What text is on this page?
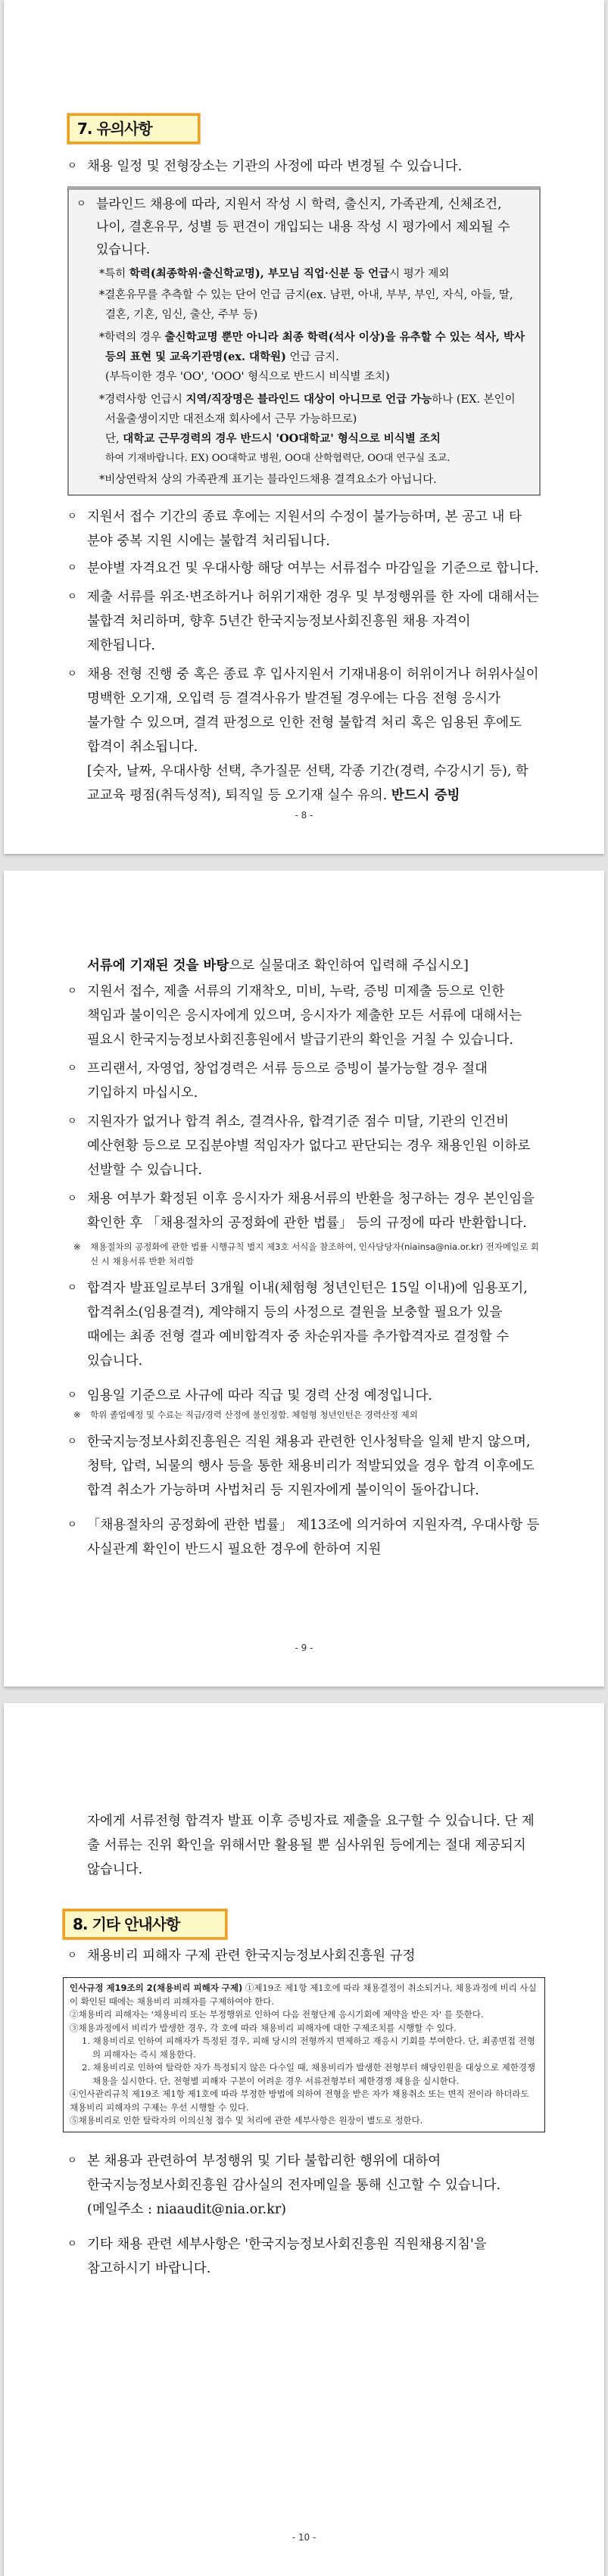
7. 유의사항
ㅇ 채용 일정 및 전형장소는 기관의 사정에 따라 변경될 수 있습니다.
ㅇ 블라인드 채용에 따라, 지원서 작성 시 학력, 출신지, 가족관계, 신체조건, 나이, 결혼유무, 성별 등 편견이 개입되는 내용 작성 시 평가에서 제외될 수 있습니다.
*특히 학력(최종학위·출신학교명), 부모님 직업·신분 등 언급시 평가 제외
*결혼유무를 추측할 수 있는 단어 언급 금지(ex. 남편, 아내, 부부, 부인, 자식, 아들, 딸, 결혼, 기혼, 임신, 출산, 주부 등)
*학력의 경우 출신학교명 뿐만 아니라 최종 학력(석사 이상)을 유추할 수 있는 석사, 박사 등의 표현 및 교육기관명(ex. 대학원) 언급 금지.
(부득이한 경우 'OO', 'OOO' 형식으로 반드시 비식별 조치)
*경력사항 언급시 지역/직장명은 블라인드 대상이 아니므로 언급 가능하나 (EX. 본인이 서울출생이지만 대전소재 회사에서 근무 가능하므로)
단, 대학교 근무경력의 경우 반드시 'OO대학교' 형식으로 비식별 조치
하여 기재바랍니다. EX) OO대학교 병원, OO대 산학협력단, OO대 연구실 조교.
*비상연락처 상의 가족관계 표기는 블라인드채용 결격요소가 아닙니다.
ㅇ 지원서 접수 기간의 종료 후에는 지원서의 수정이 불가능하며, 본 공고 내 타 분야 중복 지원 시에는 불합격 처리됩니다.
ㅇ 분야별 자격요건 및 우대사항 해당 여부는 서류접수 마감일을 기준으로 합니다.
ㅇ 제출 서류를 위조·변조하거나 허위기재한 경우 및 부정행위를 한 자에 대해서는 불합격 처리하며, 향후 5년간 한국지능정보사회진흥원 채용 자격이 제한됩니다.
ㅇ 채용 전형 진행 중 혹은 종료 후 입사지원서 기재내용이 허위이거나 허위사실이 명백한 오기재, 오입력 등 결격사유가 발견될 경우에는 다음 전형 응시가 불가할 수 있으며, 결격 판정으로 인한 전형 불합격 처리 혹은 임용된 후에도 합격이 취소됩니다.
[숫자, 날짜, 우대사항 선택, 추가질문 선택, 각종 기간(경력, 수강시기 등), 학교교육 평점(취득성적), 퇴직일 등 오기재 실수 유의. 반드시 증빙
- 8 -
서류에 기재된 것을 바탕으로 실물대조 확인하여 입력해 주십시오]
ㅇ 지원서 접수, 제출 서류의 기재착오, 미비, 누락, 증빙 미제출 등으로 인한 책임과 불이익은 응시자에게 있으며, 응시자가 제출한 모든 서류에 대해서는 필요시 한국지능정보사회진흥원에서 발급기관의 확인을 거칠 수 있습니다.
ㅇ 프리랜서, 자영업, 창업경력은 서류 등으로 증빙이 불가능할 경우 절대 기입하지 마십시오.
ㅇ 지원자가 없거나 합격 취소, 결격사유, 합격기준 점수 미달, 기관의 인건비 예산현황 등으로 모집분야별 적임자가 없다고 판단되는 경우 채용인원 이하로 선발할 수 있습니다.
ㅇ 채용 여부가 확정된 이후 응시자가 채용서류의 반환을 청구하는 경우 본인임을 확인한 후 「채용절차의 공정화에 관한 법률」 등의 규정에 따라 반환합니다.
※ 채용절차의 공정화에 관한 법률 시행규칙 별지 제3호 서식을 참조하여, 인사담당자(niainsa@nia.or.kr) 전자메일로 회신 시 채용서류 반환 처리함
ㅇ 합격자 발표일로부터 3개월 이내(체험형 청년인턴은 15일 이내)에 임용포기, 합격취소(임용결격), 계약해지 등의 사정으로 결원을 보충할 필요가 있을 때에는 최종 전형 결과 예비합격자 중 차순위자를 추가합격자로 결정할 수 있습니다.
ㅇ 임용일 기준으로 사규에 따라 직급 및 경력 산정 예정입니다.
※ 학위 졸업예정 및 수료는 직급/경력 산정에 불인정함. 체험형 청년인턴은 경력산정 제외
ㅇ 한국지능정보사회진흥원은 직원 채용과 관련한 인사청탁을 일체 받지 않으며, 청탁, 압력, 뇌물의 행사 등을 통한 채용비리가 적발되었을 경우 합격 이후에도 합격 취소가 가능하며 사법처리 등 지원자에게 불이익이 돌아갑니다.
ㅇ 「채용절차의 공정화에 관한 법률」 제13조에 의거하여 지원자격, 우대사항 등 사실관계 확인이 반드시 필요한 경우에 한하여 지원
- 9 -
자에게 서류전형 합격자 발표 이후 증빙자료 제출을 요구할 수 있습니다. 단 제출 서류는 진위 확인을 위해서만 활용될 뿐 심사위원 등에게는 절대 제공되지 않습니다.
8. 기타 안내사항
ㅇ 채용비리 피해자 구제 관련 한국지능정보사회진흥원 규정
인사규정 제19조의 2(채용비리 피해자 구제) ①제19조 제1항 제1호에 따라 채용결정이 취소되거나, 채용과정에 비리 사실이 확인된 때에는 채용비리 피해자를 구제하여야 한다.
②채용비리 피해자는 '채용비리 또는 부정행위로 인하여 다음 전형단계 응시기회에 제약을 받은 자' 를 뜻한다.
③채용과정에서 비리가 발생한 경우, 각 호에 따라 채용비리 피해자에 대한 구제조치를 시행할 수 있다.
1. 채용비리로 인하여 피해자가 특정된 경우, 피해 당시의 전형까지 면제하고 재응시 기회를 부여한다. 단, 최종면접 전형의 피해자는 즉시 채용한다.
2. 채용비리로 인하여 탈락한 자가 특정되지 않은 다수일 때, 채용비리가 발생한 전형부터 해당인원을 대상으로 제한경쟁 채용을 실시한다. 단, 전형별 피해자 구분이 어려운 경우 서류전형부터 제한경쟁 채용을 실시한다.
④인사관리규칙 제19조 제1항 제1호에 따라 부정한 방법에 의하여 전형을 받은 자가 채용취소 또는 면직 전이라 하더라도 채용비리 피해자의 구제는 우선 시행할 수 있다.
⑤채용비리로 인한 탈락자의 이의신청 접수 및 처리에 관한 세부사항은 원장이 별도로 정한다.
ㅇ 본 채용과 관련하여 부정행위 및 기타 불합리한 행위에 대하여 한국지능정보사회진흥원 감사실의 전자메일을 통해 신고할 수 있습니다. (메일주소 : niaaudit@nia.or.kr)
ㅇ 기타 채용 관련 세부사항은 '한국지능정보사회진흥원 직원채용지침'을 참고하시기 바랍니다.
- 10 -
